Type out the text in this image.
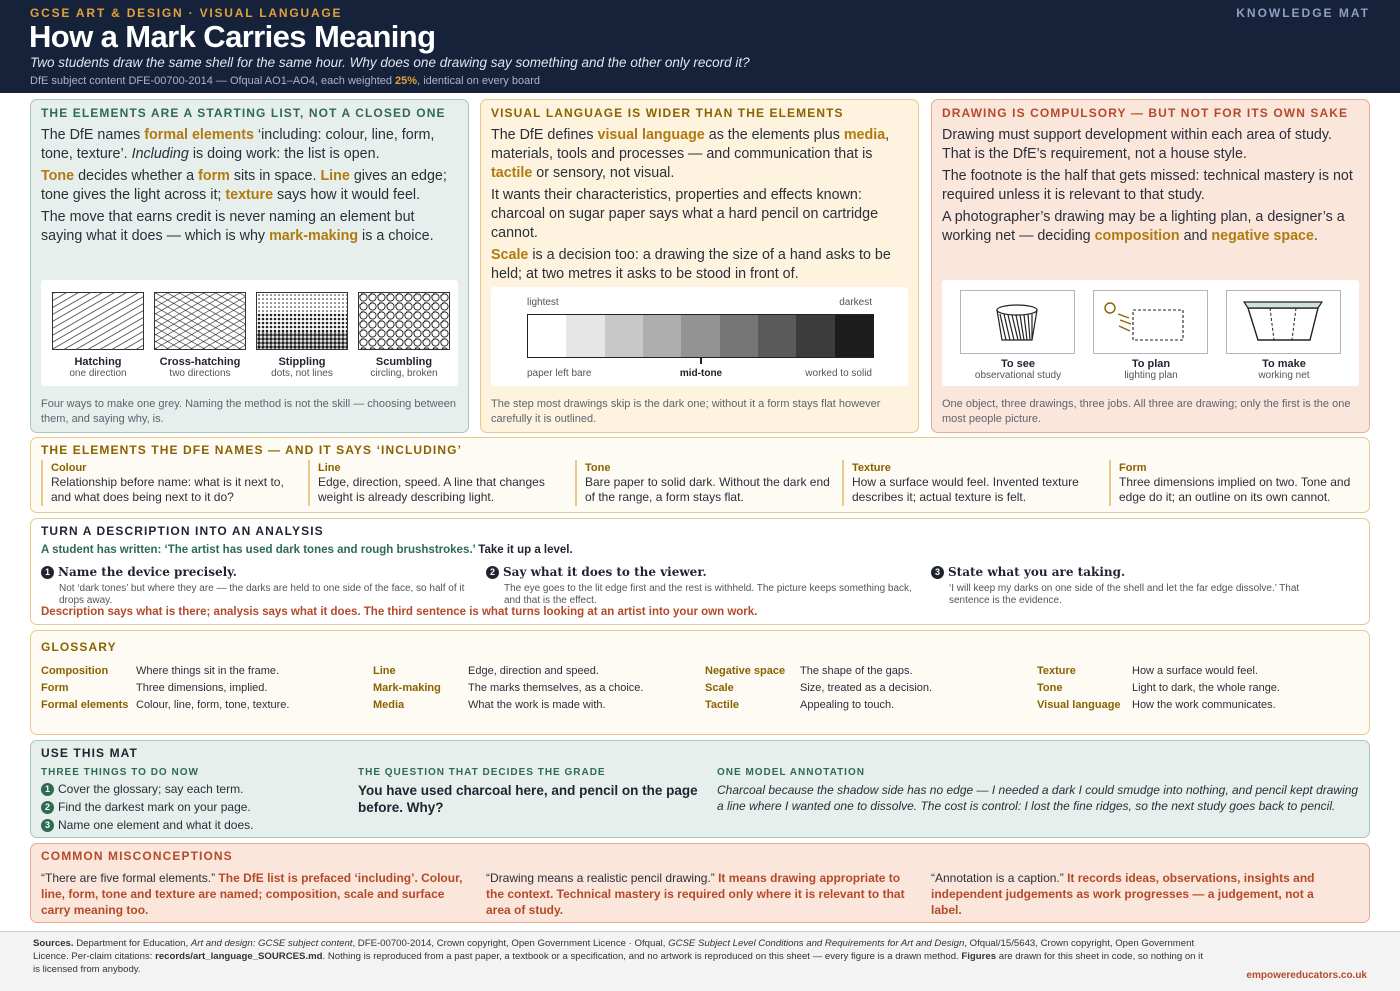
GCSE ART & DESIGN · VISUAL LANGUAGE	KNOWLEDGE MAT
How a Mark Carries Meaning
Two students draw the same shell for the same hour. Why does one drawing say something and the other only record it?
DfE subject content DFE-00700-2014 — Ofqual AO1–AO4, each weighted 25%, identical on every board
THE ELEMENTS ARE A STARTING LIST, NOT A CLOSED ONE

The DfE names formal elements ‘including: colour, line, form, tone, texture’. Including is doing work: the list is open.

Tone decides whether a form sits in space. Line gives an edge; tone gives the light across it; texture says how it would feel.

The move that earns credit is never naming an element but saying what it does — which is why mark-making is a choice.

Hatching
one direction
Cross-hatching
two directions
Stippling
dots, not lines
Scumbling
circling, broken
Four ways to make one grey. Naming the method is not the skill — choosing between them, and saying why, is.
VISUAL LANGUAGE IS WIDER THAN THE ELEMENTS

The DfE defines visual language as the elements plus media, materials, tools and processes — and communication that is tactile or sensory, not visual.

It wants their characteristics, properties and effects known: charcoal on sugar paper says what a hard pencil on cartridge cannot.

Scale is a decision too: a drawing the size of a hand asks to be held; at two metres it asks to be stood in front of.

lightest	darkest
paper left bare	mid-tone	worked to solid
The step most drawings skip is the dark one; without it a form stays flat however carefully it is outlined.
DRAWING IS COMPULSORY — BUT NOT FOR ITS OWN SAKE

Drawing must support development within each area of study. That is the DfE’s requirement, not a house style.

The footnote is the half that gets missed: technical mastery is not required unless it is relevant to that study.

A photographer’s drawing may be a lighting plan, a designer’s a working net — deciding composition and negative space.

To see
observational study
To plan
lighting plan
To make
working net
One object, three drawings, three jobs. All three are drawing; only the first is the one most people picture.
THE ELEMENTS THE DFE NAMES — AND IT SAYS ‘INCLUDING’
Colour
Relationship before name: what is it next to, and what does being next to it do?
Line
Edge, direction, speed. A line that changes weight is already describing light.
Tone
Bare paper to solid dark. Without the dark end of the range, a form stays flat.
Texture
How a surface would feel. Invented texture describes it; actual texture is felt.
Form
Three dimensions implied on two. Tone and edge do it; an outline on its own cannot.
TURN A DESCRIPTION INTO AN ANALYSIS
A student has written: ‘The artist has used dark tones and rough brushstrokes.’ Take it up a level.
1 Name the device precisely.
Not ‘dark tones’ but where they are — the darks are held to one side of the face, so half of it drops away.
2 Say what it does to the viewer.
The eye goes to the lit edge first and the rest is withheld. The picture keeps something back, and that is the effect.
3 State what you are taking.
‘I will keep my darks on one side of the shell and let the far edge dissolve.’ That sentence is the evidence.
Description says what is there; analysis says what it does. The third sentence is what turns looking at an artist into your own work.
GLOSSARY
Composition	Where things sit in the frame.
Form	Three dimensions, implied.
Formal elements Colour, line, form, tone, texture.
Line	Edge, direction and speed.
Mark-making	The marks themselves, as a choice.
Media	What the work is made with.
Negative space	The shape of the gaps.
Scale	Size, treated as a decision.
Tactile	Appealing to touch.
Texture	How a surface would feel.
Tone	Light to dark, the whole range.
Visual language	How the work communicates.
USE THIS MAT
THREE THINGS TO DO NOW
1 Cover the glossary; say each term.
2 Find the darkest mark on your page.
3 Name one element and what it does.
THE QUESTION THAT DECIDES THE GRADE
You have used charcoal here, and pencil on the page before. Why?
ONE MODEL ANNOTATION
Charcoal because the shadow side has no edge — I needed a dark I could smudge into nothing, and pencil kept drawing a line where I wanted one to dissolve. The cost is control: I lost the fine ridges, so the next study goes back to pencil.
COMMON MISCONCEPTIONS
“There are five formal elements.” The DfE list is prefaced ‘including’. Colour, line, form, tone and texture are named; composition, scale and surface carry meaning too.
“Drawing means a realistic pencil drawing.” It means drawing appropriate to the context. Technical mastery is required only where it is relevant to that area of study.
“Annotation is a caption.” It records ideas, observations, insights and independent judgements as work progresses — a judgement, not a label.
Sources. Department for Education, Art and design: GCSE subject content, DFE-00700-2014, Crown copyright, Open Government Licence · Ofqual, GCSE Subject Level Conditions and Requirements for Art and Design, Ofqual/15/5643, Crown copyright, Open Government Licence. Per-claim citations: records/art_language_SOURCES.md. Nothing is reproduced from a past paper, a textbook or a specification, and no artwork is reproduced on this sheet — every figure is a drawn method. Figures are drawn for this sheet in code, so nothing on it is licensed from anybody.
empowereducators.co.uk
